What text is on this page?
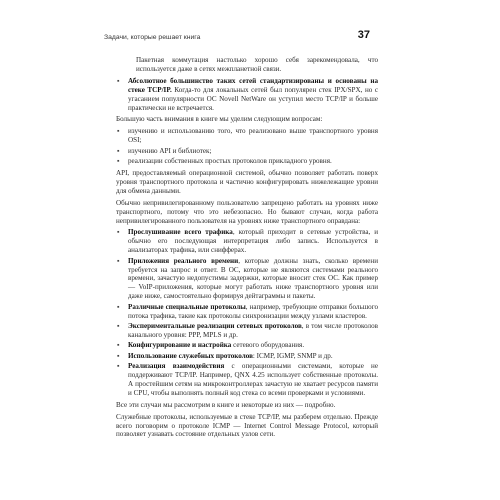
Задачи, которые решает книга	37

Пакетная коммутация настолько хорошо себя зарекомендовала, что используется даже в сетях межпланетной связи.

▪ Абсолютное большинство таких сетей стандартизированы и основаны на стеке TCP/IP. Когда-то для локальных сетей был популярен стек IPX/SPX, но с угасанием популярности ОС Novell NetWare он уступил место TCP/IP и больше практически не встречается.

Большую часть внимания в книге мы уделим следующим вопросам:

▪ изучению и использованию того, что реализовано выше транспортного уровня OSI;
▪ изучению API и библиотек;
▪ реализации собственных простых протоколов прикладного уровня.

API, предоставляемый операционной системой, обычно позволяет работать поверх уровня транспортного протокола и частично конфигурировать нижележащие уровни для обмена данными.

Обычно непривилегированному пользователю запрещено работать на уровнях ниже транспортного, потому что это небезопасно. Но бывают случаи, когда работа непривилегированного пользователя на уровнях ниже транспортного оправдана:

▪ Прослушивание всего трафика, который приходит в сетевые устройства, и обычно его последующая интерпретация либо запись. Используется в анализаторах трафика, или снифферах.
▪ Приложения реального времени, которые должны знать, сколько времени требуется на запрос и ответ. В ОС, которые не являются системами реального времени, зачастую недопустимы задержки, которые вносит стек ОС. Как пример — VoIP-приложения, которые могут работать ниже транспортного уровня или даже ниже, самостоятельно формируя дейтаграммы и пакеты.
▪ Различные специальные протоколы, например, требующие отправки большого потока трафика, такие как протоколы синхронизации между узлами кластеров.
▪ Экспериментальные реализации сетевых протоколов, в том числе протоколов канального уровня: PPP, MPLS и др.
▪ Конфигурирование и настройка сетевого оборудования.
▪ Использование служебных протоколов: ICMP, IGMP, SNMP и др.
▪ Реализация взаимодействия с операционными системами, которые не поддерживают TCP/IP. Например, QNX 4.25 использует собственные протоколы. А простейшим сетям на микроконтроллерах зачастую не хватает ресурсов памяти и CPU, чтобы выполнять полный код стека со всеми проверками и условиями.

Все эти случаи мы рассмотрим в книге и некоторые из них — подробно.

Служебные протоколы, используемые в стеке TCP/IP, мы разберем отдельно. Прежде всего поговорим о протоколе ICMP — Internet Control Message Protocol, который позволяет узнавать состояние отдельных узлов сети.
